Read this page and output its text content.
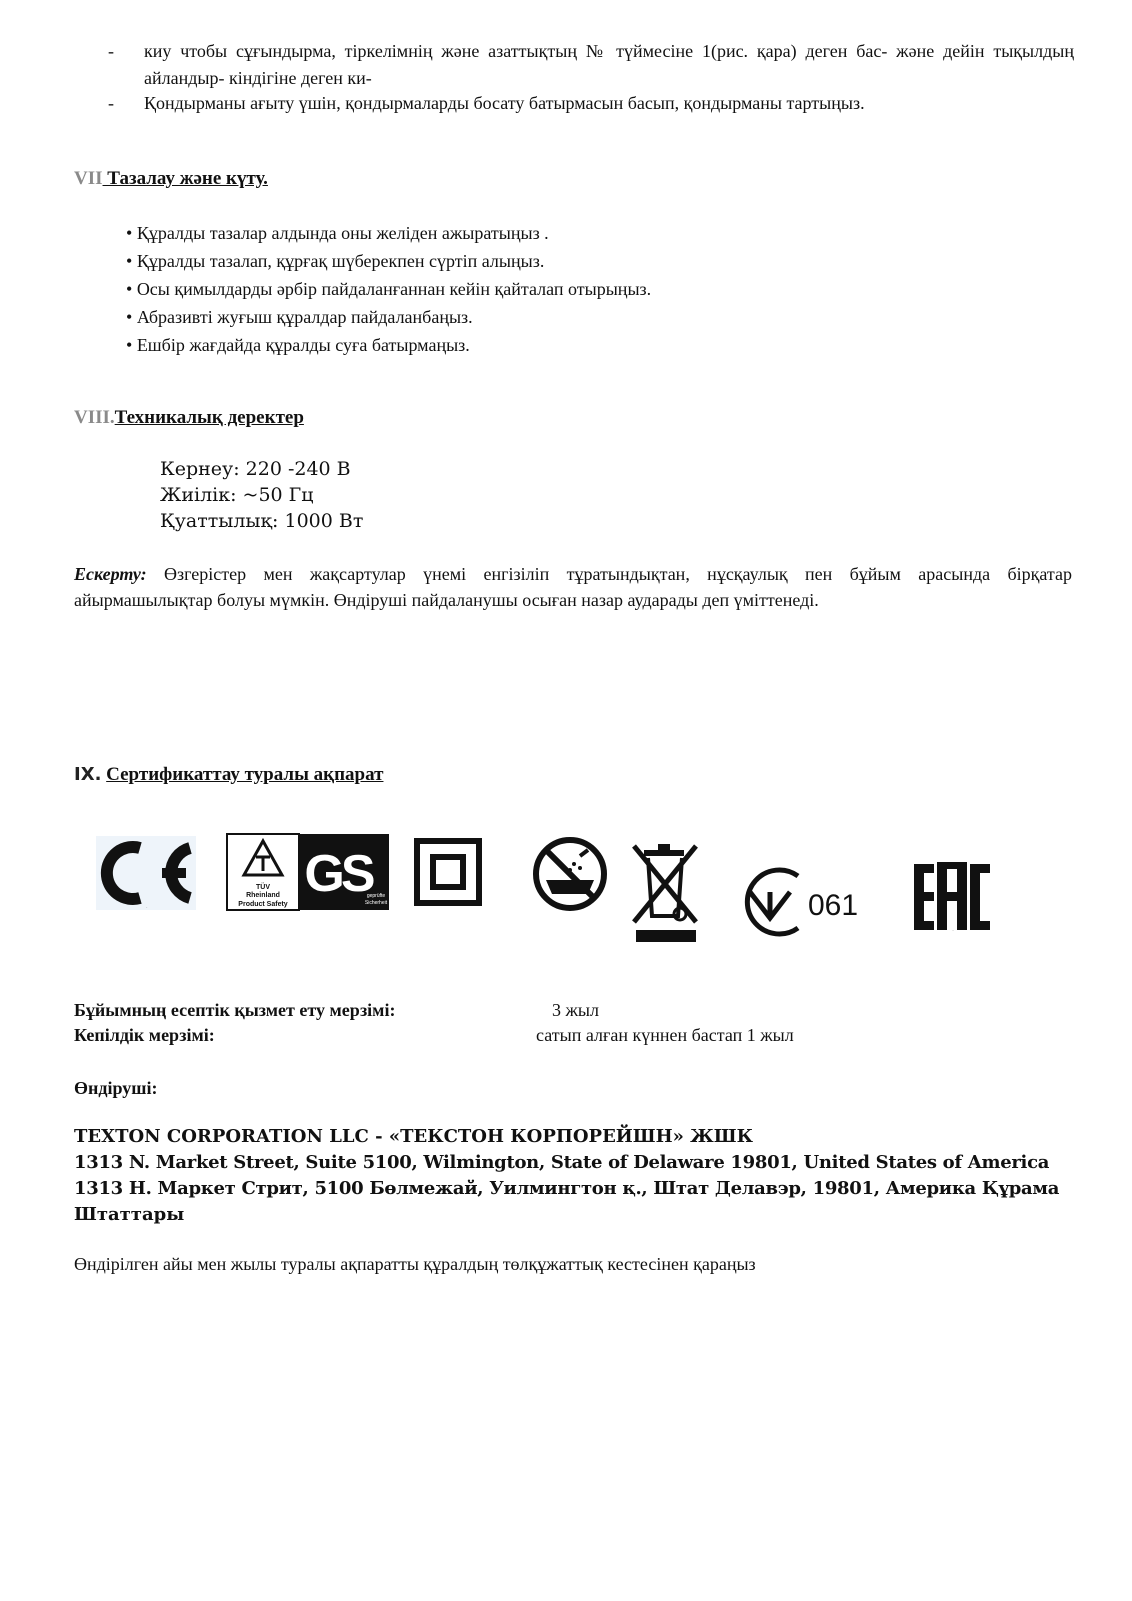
-	киу чтобы сұғындырма, тіркелімнің және азаттықтың № түймесіне 1(рис. қара) деген бас- және дейін тықылдың айландыр- кіндігіне деген ки-
-	Қондырманы ағыту үшін, қондырмаларды босату батырмасын басып, қондырманы тартыңыз.
VII Тазалау және күту.
• Құралды тазалар алдында оны желіден ажыратыңыз .
• Құралды тазалап, құрғақ шүберекпен сүртіп алыңыз.
• Осы қимылдарды әрбір пайдаланғаннан кейін қайталап отырыңыз.
• Абразивті жуғыш құралдар пайдаланбаңыз.
• Ешбір жағдайда құралды суға батырмаңыз.
VIII.Техникалық деректер
Кернеу: 220 -240 В
Жиілік: ~50 Гц
Қуаттылық: 1000 Вт
Ескерту: Өзгерістер мен жақсартулар үнемі енгізіліп тұратындықтан, нұсқаулық пен бұйым арасында бірқатар айырмашылықтар болуы мүмкін. Өндіруші пайдаланушы осыған назар аударады деп үміттенеді.
IX. Сертификаттау туралы ақпарат
CE
TÜV
Rheinland
Product Safety
GS
geprüfte
Sicherheit	061
EAC
Бұйымның есептік қызмет ету мерзімі:	3 жыл
Кепілдік мерзімі:	сатып алған күннен бастап 1 жыл
Өндіруші:
TEXTON CORPORATION LLC - «ТЕКСТОН КОРПОРЕЙШН» ЖШК
1313 N. Market Street, Suite 5100, Wilmington, State of Delaware 19801, United States of America
1313 Н. Маркет Стрит, 5100 Бөлмежай, Уилмингтон қ., Штат Делавэр, 19801, Америка Құрама
Штаттары
Өндірілген айы мен жылы туралы ақпаратты құралдың төлқұжаттық кестесінен қараңыз
